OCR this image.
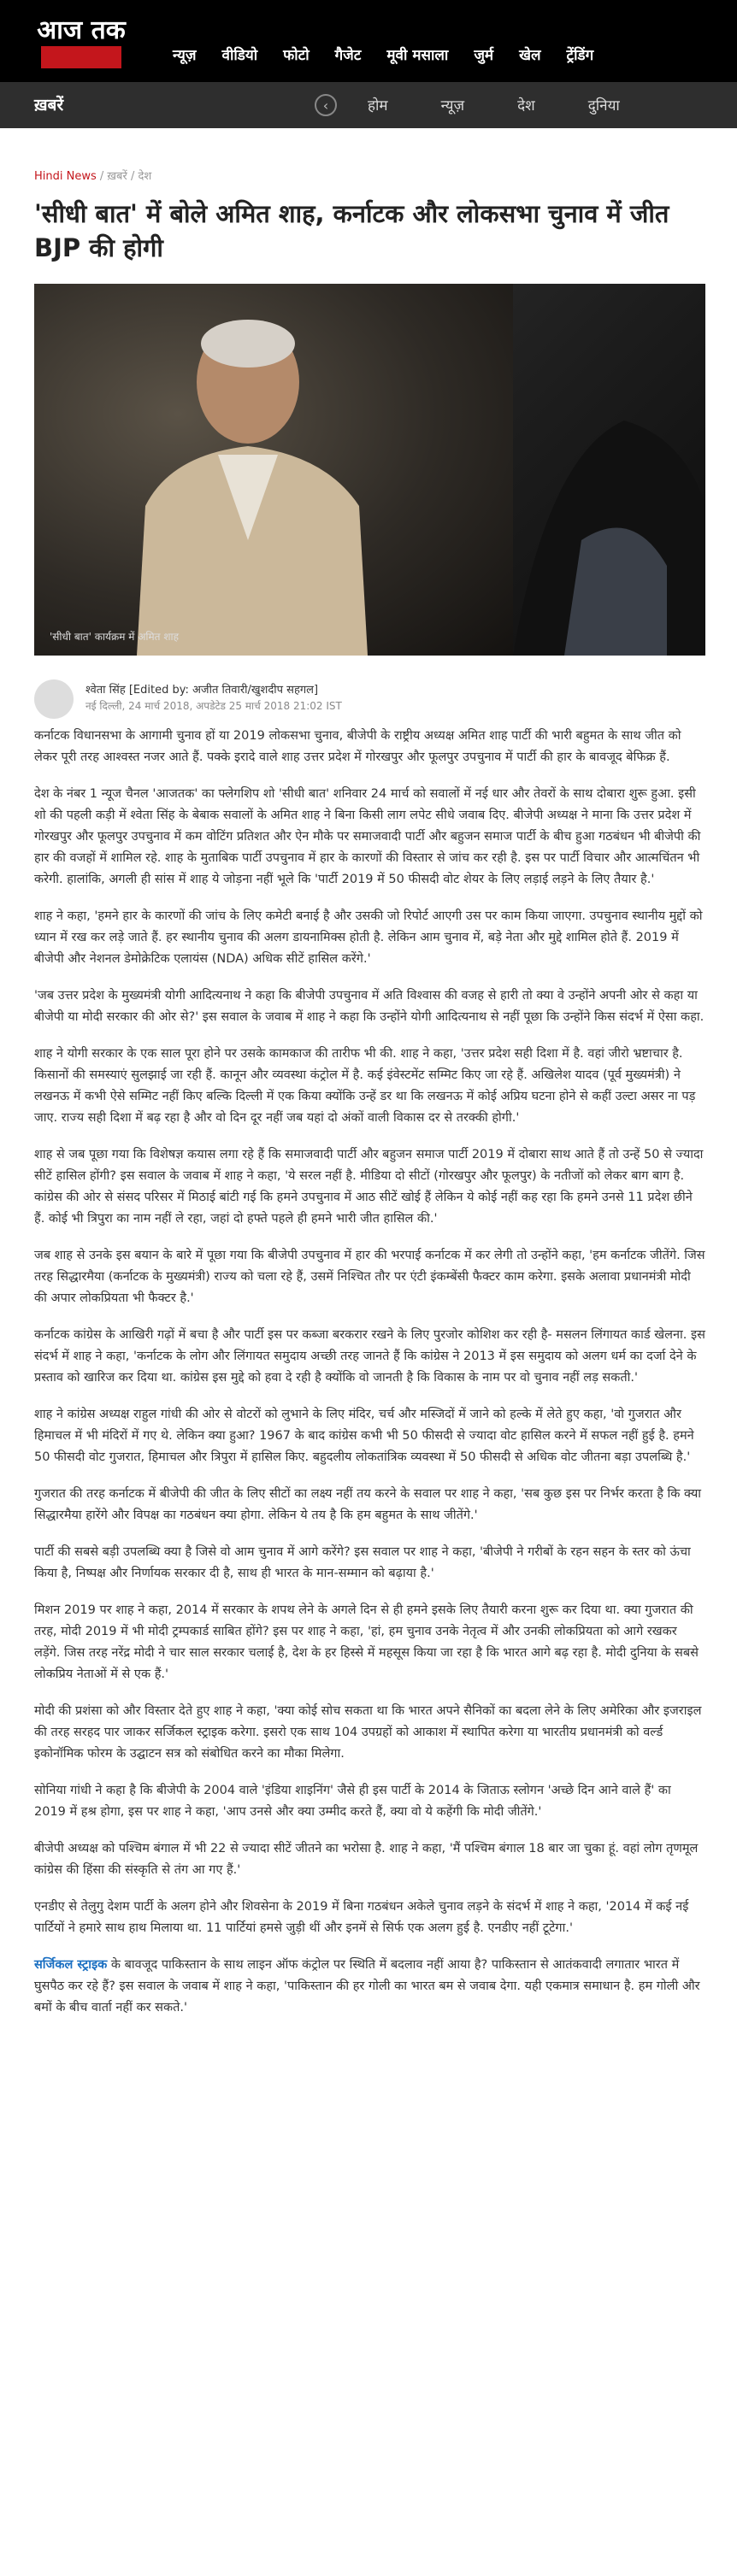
आज तक
न्यूज़ वीडियो फोटो गैजेट मूवी मसाला जुर्म खेल ट्रेंडिंग
ख़बरें	‹	होम	न्यूज़	देश	दुनिया
Hindi News / ख़बरें / देश
'सीधी बात' में बोले अमित शाह, कर्नाटक और लोकसभा चुनाव में जीत BJP की होगी
'सीधी बात' कार्यक्रम में अमित शाह
श्वेता सिंह [Edited by: अजीत तिवारी/खुशदीप सहगल]
नई दिल्ली, 24 मार्च 2018, अपडेटेड 25 मार्च 2018 21:02 IST

कर्नाटक विधानसभा के आगामी चुनाव हों या 2019 लोकसभा चुनाव, बीजेपी के राष्ट्रीय अध्यक्ष अमित शाह पार्टी की भारी बहुमत के साथ जीत को लेकर पूरी तरह आश्वस्त नजर आते हैं. पक्के इरादे वाले शाह उत्तर प्रदेश में गोरखपुर और फूलपुर उपचुनाव में पार्टी की हार के बावजूद बेफिक्र हैं.

देश के नंबर 1 न्यूज चैनल 'आजतक' का फ्लेगशिप शो 'सीधी बात' शनिवार 24 मार्च को सवालों में नई धार और तेवरों के साथ दोबारा शुरू हुआ. इसी शो की पहली कड़ी में श्वेता सिंह के बेबाक सवालों के अमित शाह ने बिना किसी लाग लपेट सीधे जवाब दिए. बीजेपी अध्यक्ष ने माना कि उत्तर प्रदेश में गोरखपुर और फूलपुर उपचुनाव में कम वोटिंग प्रतिशत और ऐन मौके पर समाजवादी पार्टी और बहुजन समाज पार्टी के बीच हुआ गठबंधन भी बीजेपी की हार की वजहों में शामिल रहे. शाह के मुताबिक पार्टी उपचुनाव में हार के कारणों की विस्तार से जांच कर रही है. इस पर पार्टी विचार और आत्मचिंतन भी करेगी. हालांकि, अगली ही सांस में शाह ये जोड़ना नहीं भूले कि 'पार्टी 2019 में 50 फीसदी वोट शेयर के लिए लड़ाई लड़ने के लिए तैयार है.'

शाह ने कहा, 'हमने हार के कारणों की जांच के लिए कमेटी बनाई है और उसकी जो रिपोर्ट आएगी उस पर काम किया जाएगा. उपचुनाव स्थानीय मुद्दों को ध्यान में रख कर लड़े जाते हैं. हर स्थानीय चुनाव की अलग डायनामिक्स होती है. लेकिन आम चुनाव में, बड़े नेता और मुद्दे शामिल होते हैं. 2019 में बीजेपी और नेशनल डेमोक्रेटिक एलायंस (NDA) अधिक सीटें हासिल करेंगे.'

'जब उत्तर प्रदेश के मुख्यमंत्री योगी आदित्यनाथ ने कहा कि बीजेपी उपचुनाव में अति विश्वास की वजह से हारी तो क्या वे उन्होंने अपनी ओर से कहा या बीजेपी या मोदी सरकार की ओर से?' इस सवाल के जवाब में शाह ने कहा कि उन्होंने योगी आदित्यनाथ से नहीं पूछा कि उन्होंने किस संदर्भ में ऐसा कहा.

शाह ने योगी सरकार के एक साल पूरा होने पर उसके कामकाज की तारीफ भी की. शाह ने कहा, 'उत्तर प्रदेश सही दिशा में है. वहां जीरो भ्रष्टाचार है. किसानों की समस्याएं सुलझाई जा रही हैं. कानून और व्यवस्था कंट्रोल में है. कई इंवेस्टमेंट सम्मिट किए जा रहे हैं. अखिलेश यादव (पूर्व मुख्यमंत्री) ने लखनऊ में कभी ऐसे सम्मिट नहीं किए बल्कि दिल्ली में एक किया क्योंकि उन्हें डर था कि लखनऊ में कोई अप्रिय घटना होने से कहीं उल्टा असर ना पड़ जाए. राज्य सही दिशा में बढ़ रहा है और वो दिन दूर नहीं जब यहां दो अंकों वाली विकास दर से तरक्की होगी.'

शाह से जब पूछा गया कि विशेषज्ञ कयास लगा रहे हैं कि समाजवादी पार्टी और बहुजन समाज पार्टी 2019 में दोबारा साथ आते हैं तो उन्हें 50 से ज्यादा सीटें हासिल होंगी? इस सवाल के जवाब में शाह ने कहा, 'ये सरल नहीं है. मीडिया दो सीटों (गोरखपुर और फूलपुर) के नतीजों को लेकर बाग बाग है. कांग्रेस की ओर से संसद परिसर में मिठाई बांटी गई कि हमने उपचुनाव में आठ सीटें खोई हैं लेकिन ये कोई नहीं कह रहा कि हमने उनसे 11 प्रदेश छीने हैं. कोई भी त्रिपुरा का नाम नहीं ले रहा, जहां दो हफ्ते पहले ही हमने भारी जीत हासिल की.'

जब शाह से उनके इस बयान के बारे में पूछा गया कि बीजेपी उपचुनाव में हार की भरपाई कर्नाटक में कर लेगी तो उन्होंने कहा, 'हम कर्नाटक जीतेंगे. जिस तरह सिद्धारमैया (कर्नाटक के मुख्यमंत्री) राज्य को चला रहे हैं, उसमें निश्चित तौर पर एंटी इंकम्बेंसी फैक्टर काम करेगा. इसके अलावा प्रधानमंत्री मोदी की अपार लोकप्रियता भी फैक्टर है.'

कर्नाटक कांग्रेस के आखिरी गढ़ों में बचा है और पार्टी इस पर कब्जा बरकरार रखने के लिए पुरजोर कोशिश कर रही है- मसलन लिंगायत कार्ड खेलना. इस संदर्भ में शाह ने कहा, 'कर्नाटक के लोग और लिंगायत समुदाय अच्छी तरह जानते हैं कि कांग्रेस ने 2013 में इस समुदाय को अलग धर्म का दर्जा देने के प्रस्ताव को खारिज कर दिया था. कांग्रेस इस मुद्दे को हवा दे रही है क्योंकि वो जानती है कि विकास के नाम पर वो चुनाव नहीं लड़ सकती.'

शाह ने कांग्रेस अध्यक्ष राहुल गांधी की ओर से वोटरों को लुभाने के लिए मंदिर, चर्च और मस्जिदों में जाने को हल्के में लेते हुए कहा, 'वो गुजरात और हिमाचल में भी मंदिरों में गए थे. लेकिन क्या हुआ? 1967 के बाद कांग्रेस कभी भी 50 फीसदी से ज्यादा वोट हासिल करने में सफल नहीं हुई है. हमने 50 फीसदी वोट गुजरात, हिमाचल और त्रिपुरा में हासिल किए. बहुदलीय लोकतांत्रिक व्यवस्था में 50 फीसदी से अधिक वोट जीतना बड़ा उपलब्धि है.'

गुजरात की तरह कर्नाटक में बीजेपी की जीत के लिए सीटों का लक्ष्य नहीं तय करने के सवाल पर शाह ने कहा, 'सब कुछ इस पर निर्भर करता है कि क्या सिद्धारमैया हारेंगे और विपक्ष का गठबंधन क्या होगा. लेकिन ये तय है कि हम बहुमत के साथ जीतेंगे.'

पार्टी की सबसे बड़ी उपलब्धि क्या है जिसे वो आम चुनाव में आगे करेंगे? इस सवाल पर शाह ने कहा, 'बीजेपी ने गरीबों के रहन सहन के स्तर को ऊंचा किया है, निष्पक्ष और निर्णायक सरकार दी है, साथ ही भारत के मान-सम्मान को बढ़ाया है.'

मिशन 2019 पर शाह ने कहा, 2014 में सरकार के शपथ लेने के अगले दिन से ही हमने इसके लिए तैयारी करना शुरू कर दिया था. क्या गुजरात की तरह, मोदी 2019 में भी मोदी ट्रम्पकार्ड साबित होंगे? इस पर शाह ने कहा, 'हां, हम चुनाव उनके नेतृत्व में और उनकी लोकप्रियता को आगे रखकर लड़ेंगे. जिस तरह नरेंद्र मोदी ने चार साल सरकार चलाई है, देश के हर हिस्से में महसूस किया जा रहा है कि भारत आगे बढ़ रहा है. मोदी दुनिया के सबसे लोकप्रिय नेताओं में से एक हैं.'

मोदी की प्रशंसा को और विस्तार देते हुए शाह ने कहा, 'क्या कोई सोच सकता था कि भारत अपने सैनिकों का बदला लेने के लिए अमेरिका और इजराइल की तरह सरहद पार जाकर सर्जिकल स्ट्राइक करेगा. इसरो एक साथ 104 उपग्रहों को आकाश में स्थापित करेगा या भारतीय प्रधानमंत्री को वर्ल्ड इकोनॉमिक फोरम के उद्घाटन सत्र को संबोधित करने का मौका मिलेगा.

सोनिया गांधी ने कहा है कि बीजेपी के 2004 वाले 'इंडिया शाइनिंग' जैसे ही इस पार्टी के 2014 के जिताऊ स्लोगन 'अच्छे दिन आने वाले हैं' का 2019 में हश्र होगा, इस पर शाह ने कहा, 'आप उनसे और क्या उम्मीद करते हैं, क्या वो ये कहेंगी कि मोदी जीतेंगे.'

बीजेपी अध्यक्ष को पश्चिम बंगाल में भी 22 से ज्यादा सीटें जीतने का भरोसा है. शाह ने कहा, 'मैं पश्चिम बंगाल 18 बार जा चुका हूं. वहां लोग तृणमूल कांग्रेस की हिंसा की संस्कृति से तंग आ गए हैं.'

एनडीए से तेलुगु देशम पार्टी के अलग होने और शिवसेना के 2019 में बिना गठबंधन अकेले चुनाव लड़ने के संदर्भ में शाह ने कहा, '2014 में कई नई पार्टियों ने हमारे साथ हाथ मिलाया था. 11 पार्टियां हमसे जुड़ी थीं और इनमें से सिर्फ एक अलग हुई है. एनडीए नहीं टूटेगा.'

सर्जिकल स्ट्राइक के बावजूद पाकिस्तान के साथ लाइन ऑफ कंट्रोल पर स्थिति में बदलाव नहीं आया है? पाकिस्तान से आतंकवादी लगातार भारत में घुसपैठ कर रहे हैं? इस सवाल के जवाब में शाह ने कहा, 'पाकिस्तान की हर गोली का भारत बम से जवाब देगा. यही एकमात्र समाधान है. हम गोली और बमों के बीच वार्ता नहीं कर सकते.'
